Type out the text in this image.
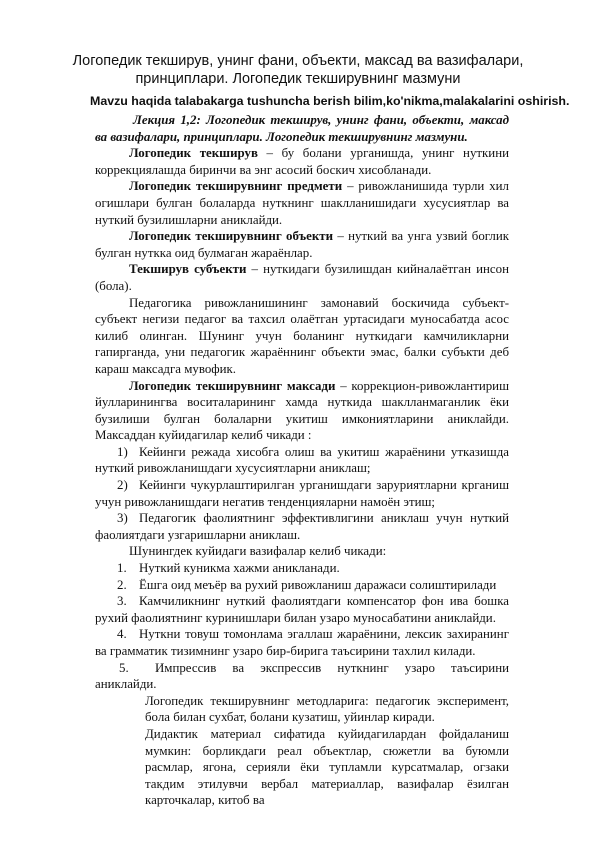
Логопедик текширув, унинг фани, объекти, максад ва вазифалари, принциплари. Логопедик текширувнинг мазмуни
Mavzu haqida talabakarga tushuncha berish bilim,ko'nikma,malakalarini oshirish.

Лекция 1,2: Логопедик текширув, унинг фани, объекти, максад ва вазифалари, принциплари. Логопедик текширувнинг мазмуни.

Логопедик текширув – бу болани урганишда, унинг нуткини коррекциялашда биринчи ва энг асосий боскич хисобланади.

Логопедик текширувнинг предмети – ривожланишида турли хил огишлари булган болаларда нуткнинг шаклланишидаги хусусиятлар ва нуткий бузилишларни аниклайди.

Логопедик текширувнинг объекти – нуткий ва унга узвий боглик булган нуткка оид булмаган жараёнлар.

Текширув субъекти – нуткидаги бузилишдан кийналаётган инсон (бола).

Педагогика ривожланишининг замонавий боскичида субъект-субъект негизи педагог ва тахсил олаётган уртасидаги муносабатда асос килиб олинган. Шунинг учун боланинг нуткидаги камчиликларни гапирганда, уни педагогик жараённинг объекти эмас, балки субъкти деб караш максадга мувофик.

Логопедик текширувнинг максади – коррекцион-ривожлантириш йулларинингва воситаларининг хамда нуткида шаклланмаганлик ёки бузилиши булган болаларни укитиш имкониятларини аниклайди. Максаддан куйидагилар келиб чикади :

1) Кейинги режада хисобга олиш ва укитиш жараёнини утказишда нуткий ривожланишдаги хусусиятларни аниклаш;

2) Кейинги чукурлаштирилган урганишдаги заруриятларни крганиш учун ривожланишдаги негатив тенденцияларни намоён этиш;

3) Педагогик фаолиятнинг эффективлигини аниклаш учун нуткий фаолиятдаги узгаришларни аниклаш.

Шунингдек куйидаги вазифалар келиб чикади:

1. Нуткий куникма хажми аникланади.

2. Ёшга оид меъёр ва рухий ривожланиш даражаси солиштирилади

3. Камчиликнинг нуткий фаолиятдаги компенсатор фон ива бошка рухий фаолиятнинг куринишлари билан узаро муносабатини аниклайди.

4. Нуткни товуш томонлама эгаллаш жараёнини, лексик захиранинг ва грамматик тизимнинг узаро бир-бирига таъсирини тахлил килади.

5. Импрессив ва экспрессив нуткнинг узаро таъсирини аниклайди.

Логопедик текширувнинг методларига: педагогик эксперимент, бола билан сухбат, болани кузатиш, уйинлар киради.

Дидактик материал сифатида куйидагилардан фойдаланиш мумкин: борликдаги реал объектлар, сюжетли ва буюмли расмлар, ягона, серияли ёки тупламли курсатмалар, огзаки такдим этилувчи вербал материаллар, вазифалар ёзилган карточкалар, китоб ва
